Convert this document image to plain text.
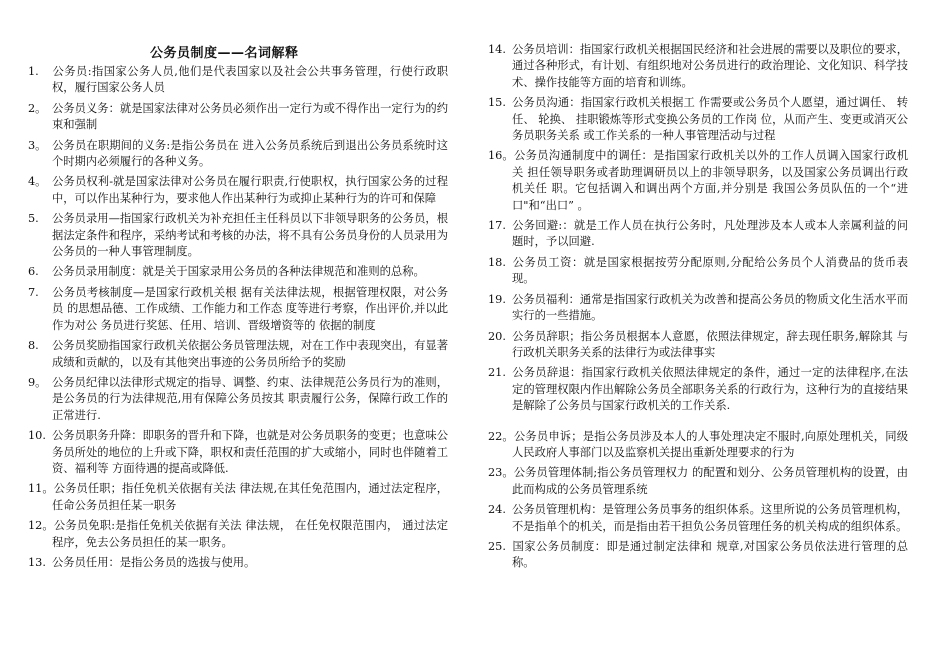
公务员制度——名词解释

1. 公务员:指国家公务人员,他们是代表国家以及社会公共事务管理，行使行政职权，履行国家公务人员

2。 公务员义务：就是国家法律对公务员必须作出一定行为或不得作出一定行为的约束和强制

3。 公务员在职期间的义务:是指公务员在 进入公务员系统后到退出公务员系统时这个时期内必须履行的各种义务。

4。 公务员权利-就是国家法律对公务员在履行职责,行使职权，执行国家公务的过程中，可以作出某种行为，要求他人作出某种行为或抑止某种行为的许可和保障

5. 公务员录用—指国家行政机关为补充担任主任科员以下非领导职务的公务员，根据法定条件和程序，采纳考试和考核的办法，将不具有公务员身份的人员录用为公务员的一种人事管理制度。

6. 公务员录用制度：就是关于国家录用公务员的各种法律规范和准则的总称。

7. 公务员考核制度—是国家行政机关根 据有关法律法规，根据管理权限，对公务员 的思想品德、工作成绩、工作能力和工作态 度等进行考察，作出评价,并以此作为对公 务员进行奖惩、任用、培训、晋级增资等的 依据的制度

8. 公务员奖励指国家行政机关依据公务员管理法规，对在工作中表现突出，有显著成绩和贡献的，以及有其他突出事迹的公务员所给予的奖励

9。 公务员纪律以法律形式规定的指导、调整、约束、法律规范公务员行为的准则，是公务员的行为法律规范,用有保障公务员按其 职责履行公务，保障行政工作的正常进行.

10. 公务员职务升降：即职务的晋升和下降，也就是对公务员职务的变更；也意味公务员所处的地位的上升或下降，职权和责任范围的扩大或缩小，同时也伴随着工资、福利等 方面待遇的提高或降低.

11。公务员任职；指任免机关依据有关法 律法规,在其任免范围内，通过法定程序，任命公务员担任某一职务

12。公务员免职:是指任免机关依据有关法 律法规， 在任免权限范围内， 通过法定程序，免去公务员担任的某一职务。

13. 公务员任用：是指公务员的选拔与使用。

14. 公务员培训：指国家行政机关根据国民经济和社会进展的需要以及职位的要求，通过各种形式，有计划、有组织地对公务员进行的政治理论、文化知识、科学技术、操作技能等方面的培育和训练。

15. 公务员沟通：指国家行政机关根据工 作需要或公务员个人愿望，通过调任、 转任、 轮换、 挂职锻炼等形式变换公务员的工作岗 位，从而产生、变更或消灭公务员职务关系 或工作关系的一种人事管理活动与过程

16。公务员沟通制度中的调任：是指国家行政机关以外的工作人员调入国家行政机关 担任领导职务或者助理调研员以上的非领导职务，以及国家公务员调出行政机关任 职。它包括调入和调出两个方面,并分别是 我国公务员队伍的一个“进口"和“出口” 。

17. 公务回避:：就是工作人员在执行公务时，凡处理涉及本人或本人亲属利益的问题时，予以回避.

18. 公务员工资：就是国家根据按劳分配原则,分配给公务员个人消费品的货币表现。

19. 公务员福利：通常是指国家行政机关为改善和提高公务员的物质文化生活水平而 实行的一些措施。

20. 公务员辞职；指公务员根据本人意愿，依照法律规定，辞去现任职务,解除其 与行政机关职务关系的法律行为或法律事实

21. 公务员辞退：指国家行政机关依照法律规定的条件，通过一定的法律程序,在法定的管理权限内作出解除公务员全部职务关系的行政行为，这种行为的直接结果是解除了公务员与国家行政机关的工作关系.

22。公务员申诉；是指公务员涉及本人的人事处理决定不服时,向原处理机关，同级人民政府人事部门以及监察机关提出重新处理要求的行为

23。公务员管理体制;指公务员管理权力 的配置和划分、公务员管理机构的设置，由此而构成的公务员管理系统

24. 公务员管理机构：是管理公务员事务的组织体系。这里所说的公务员管理机构，不是指单个的机关，而是指由若干担负公务员管理任务的机关构成的组织体系。

25. 国家公务员制度：即是通过制定法律和 规章,对国家公务员依法进行管理的总称。
